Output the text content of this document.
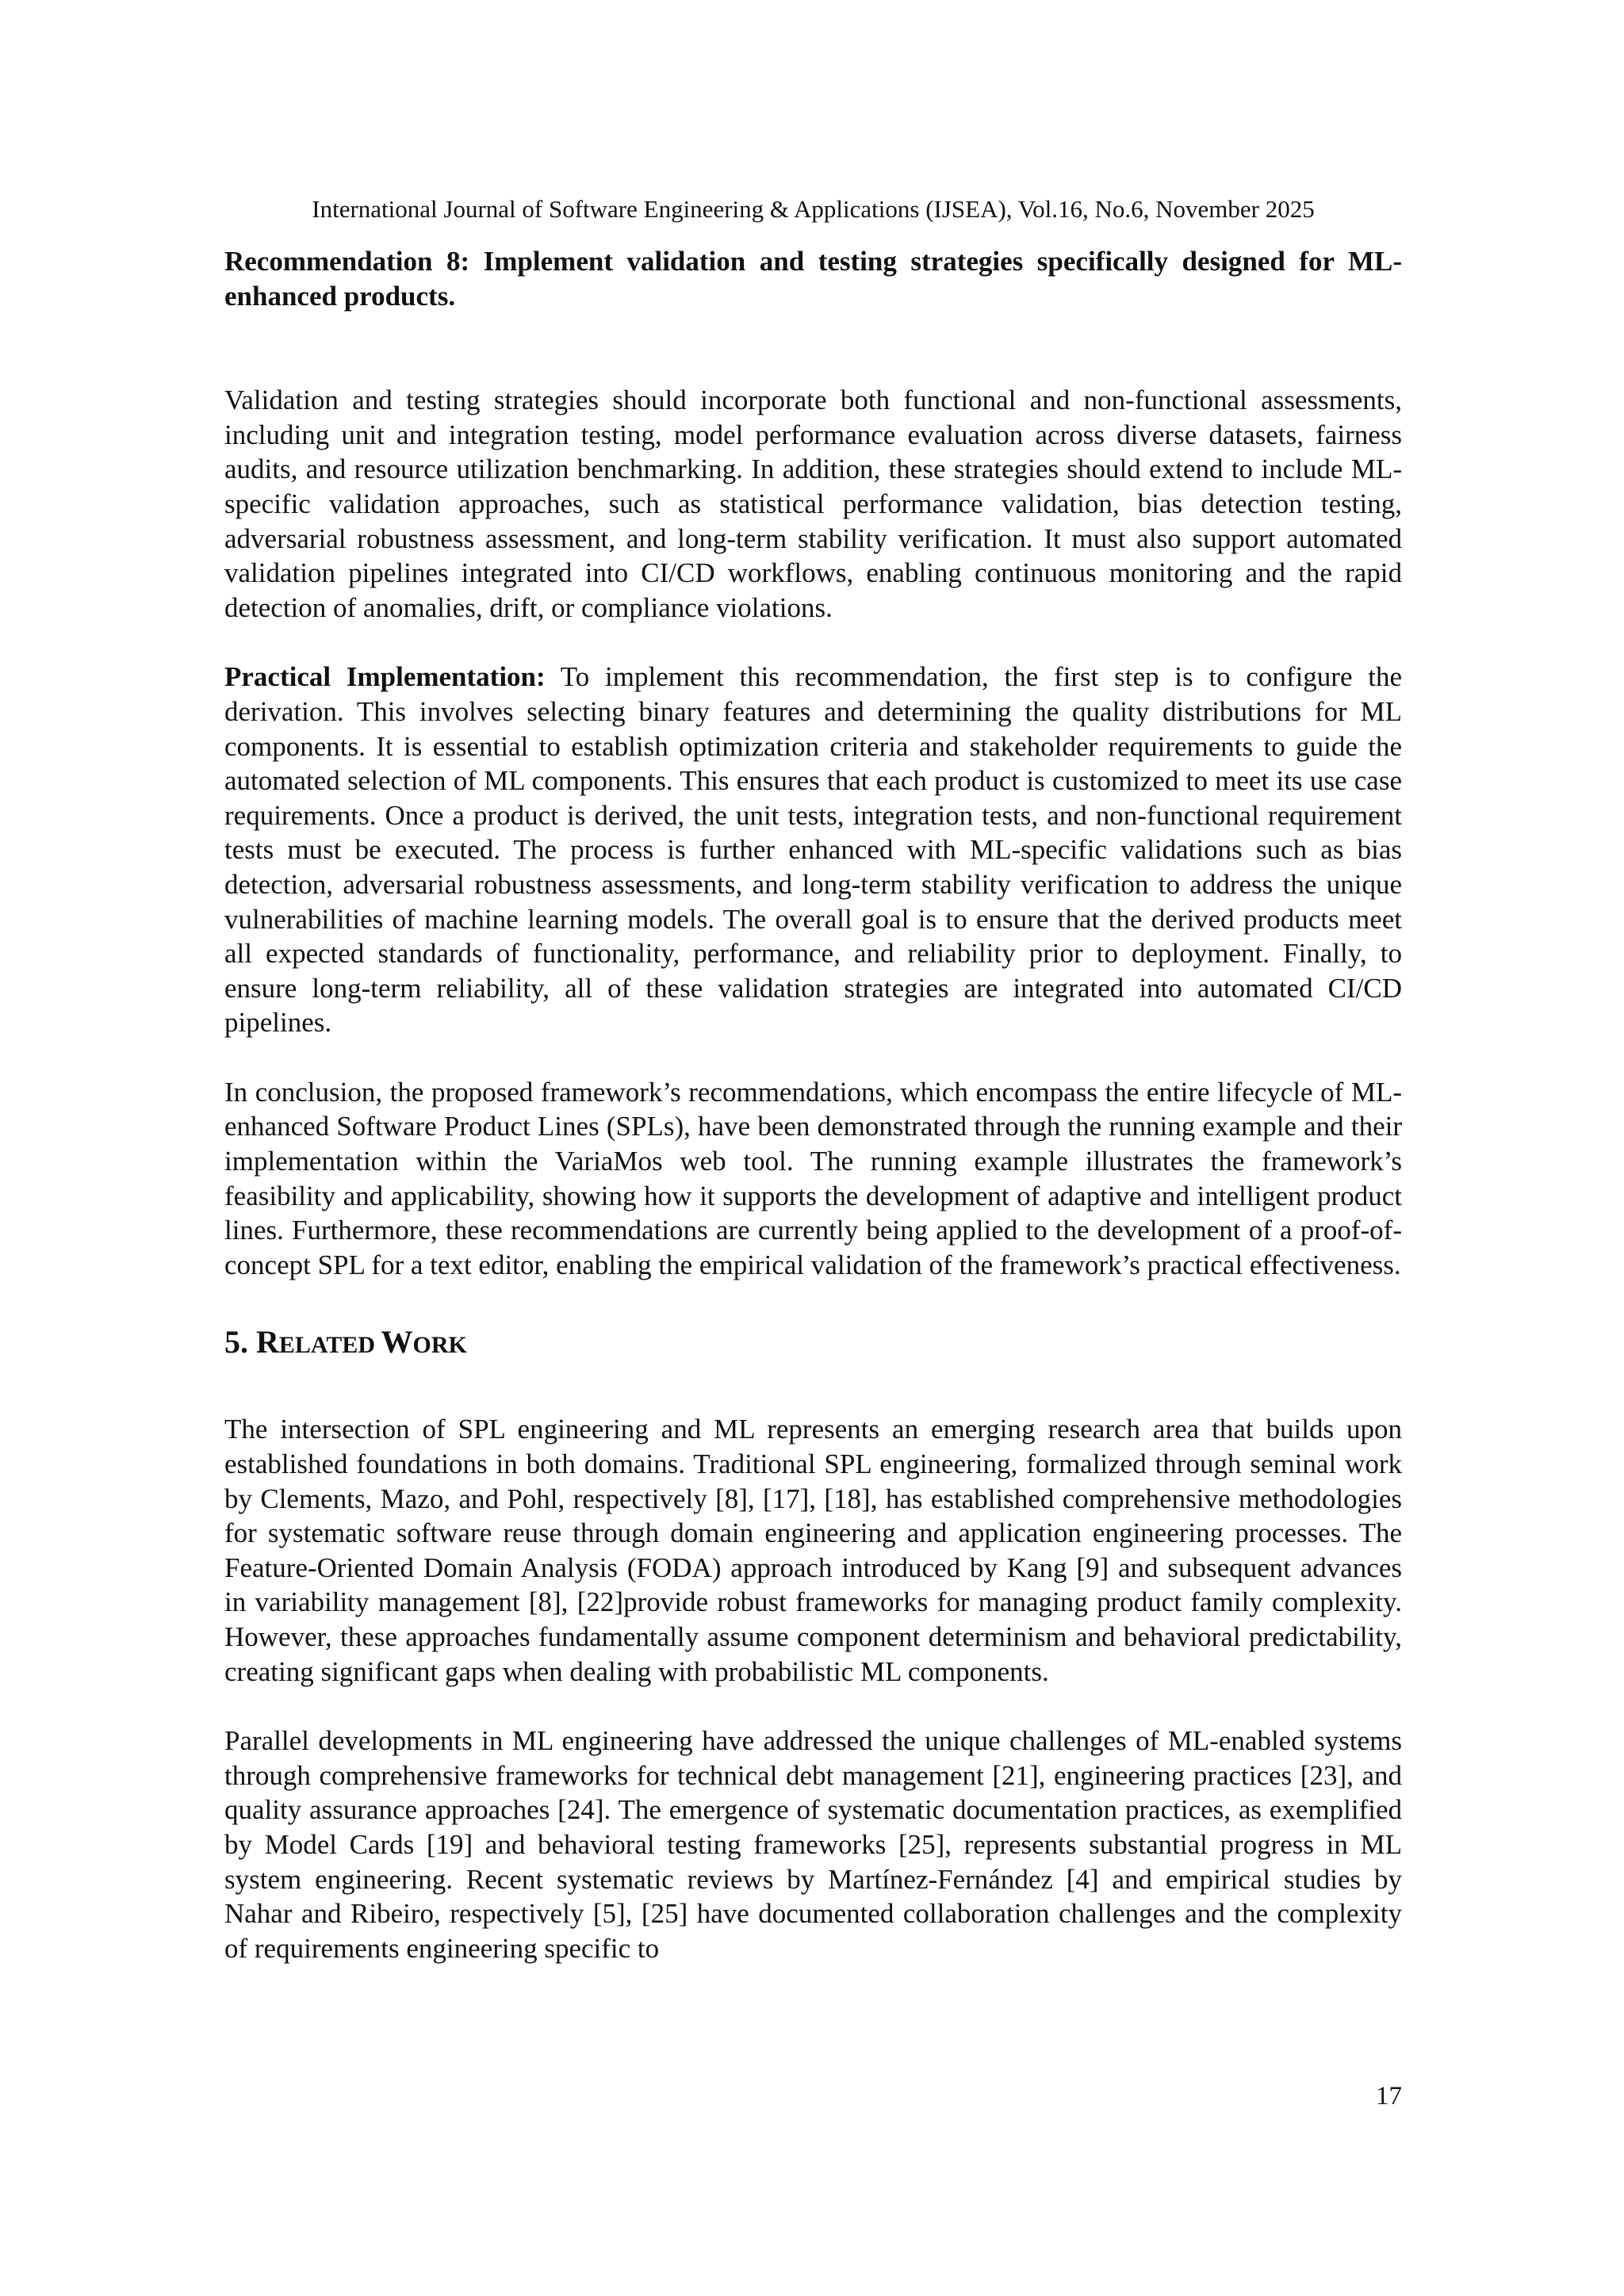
International Journal of Software Engineering & Applications (IJSEA), Vol.16, No.6, November 2025

Recommendation 8: Implement validation and testing strategies specifically designed for ML-enhanced products.

Validation and testing strategies should incorporate both functional and non-functional assessments, including unit and integration testing, model performance evaluation across diverse datasets, fairness audits, and resource utilization benchmarking. In addition, these strategies should extend to include ML-specific validation approaches, such as statistical performance validation, bias detection testing, adversarial robustness assessment, and long-term stability verification. It must also support automated validation pipelines integrated into CI/CD workflows, enabling continuous monitoring and the rapid detection of anomalies, drift, or compliance violations.

Practical Implementation: To implement this recommendation, the first step is to configure the derivation. This involves selecting binary features and determining the quality distributions for ML components. It is essential to establish optimization criteria and stakeholder requirements to guide the automated selection of ML components. This ensures that each product is customized to meet its use case requirements. Once a product is derived, the unit tests, integration tests, and non-functional requirement tests must be executed. The process is further enhanced with ML-specific validations such as bias detection, adversarial robustness assessments, and long-term stability verification to address the unique vulnerabilities of machine learning models. The overall goal is to ensure that the derived products meet all expected standards of functionality, performance, and reliability prior to deployment. Finally, to ensure long-term reliability, all of these validation strategies are integrated into automated CI/CD pipelines.

In conclusion, the proposed framework’s recommendations, which encompass the entire lifecycle of ML-enhanced Software Product Lines (SPLs), have been demonstrated through the running example and their implementation within the VariaMos web tool. The running example illustrates the framework’s feasibility and applicability, showing how it supports the development of adaptive and intelligent product lines. Furthermore, these recommendations are currently being applied to the development of a proof-of-concept SPL for a text editor, enabling the empirical validation of the framework’s practical effectiveness.

5. RELATED WORK

The intersection of SPL engineering and ML represents an emerging research area that builds upon established foundations in both domains. Traditional SPL engineering, formalized through seminal work by Clements, Mazo, and Pohl, respectively [8], [17], [18], has established comprehensive methodologies for systematic software reuse through domain engineering and application engineering processes. The Feature-Oriented Domain Analysis (FODA) approach introduced by Kang [9] and subsequent advances in variability management [8], [22]provide robust frameworks for managing product family complexity. However, these approaches fundamentally assume component determinism and behavioral predictability, creating significant gaps when dealing with probabilistic ML components.

Parallel developments in ML engineering have addressed the unique challenges of ML-enabled systems through comprehensive frameworks for technical debt management [21], engineering practices [23], and quality assurance approaches [24]. The emergence of systematic documentation practices, as exemplified by Model Cards [19] and behavioral testing frameworks [25], represents substantial progress in ML system engineering. Recent systematic reviews by Martínez-Fernández [4] and empirical studies by Nahar and Ribeiro, respectively [5], [25] have documented collaboration challenges and the complexity of requirements engineering specific to

17
